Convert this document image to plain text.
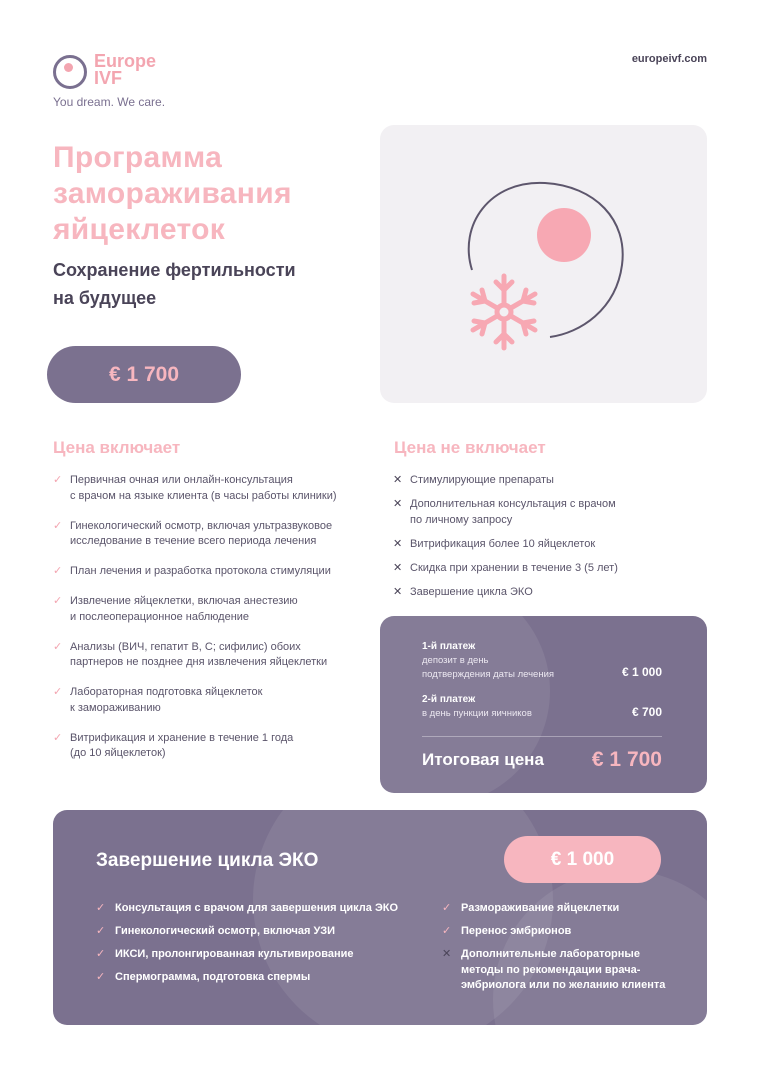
Europe
IVF
You dream. We care.
europeivf.com
Программа
замораживания
яйцеклеток
Сохранение фертильности
на будущее
€ 1 700
Цена включает
✓ Первичная очная или онлайн-консультация
с врачом на языке клиента (в часы работы клиники)
✓ Гинекологический осмотр, включая ультразвуковое
исследование в течение всего периода лечения
✓ План лечения и разработка протокола стимуляции
✓ Извлечение яйцеклетки, включая анестезию
и послеоперационное наблюдение
✓ Анализы (ВИЧ, гепатит B, C; сифилис) обоих
партнеров не позднее дня извлечения яйцеклетки
✓ Лабораторная подготовка яйцеклеток
к замораживанию
✓ Витрификация и хранение в течение 1 года
(до 10 яйцеклеток)
Цена не включает
✕ Стимулирующие препараты
✕ Дополнительная консультация с врачом
по личному запросу
✕ Витрификация более 10 яйцеклеток
✕ Скидка при хранении в течение 3 (5 лет)
✕ Завершение цикла ЭКО
1-й платеж
депозит в день
подтверждения даты лечения	€ 1 000
2-й платеж
в день пункции яичников	€ 700
Итоговая цена € 1 700
Завершение цикла ЭКО	€ 1 000
✓ Консультация с врачом для завершения цикла ЭКО
✓ Гинекологический осмотр, включая УЗИ
✓ ИКСИ, пролонгированная культивирование
✓ Спермограмма, подготовка спермы
✓ Размораживание яйцеклетки
✓ Перенос эмбрионов
✕ Дополнительные лабораторные
методы по рекомендации врача-
эмбриолога или по желанию клиента
